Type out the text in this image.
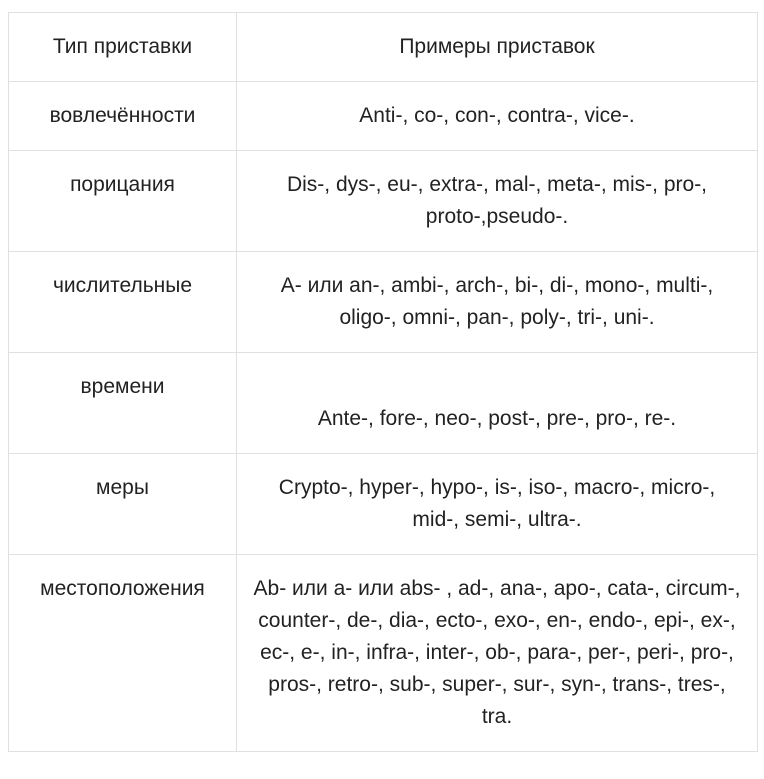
Тип приставки	Примеры приставок
вовлечённости	Anti-, co-, con-, contra-, vice-.
порицания	Dis-, dys-, eu-, extra-, mal-, meta-, mis-, pro-, proto-,pseudo-.
числительные	A- или an-, ambi-, arch-, bi-, di-, mono-, multi-, oligo-, omni-, pan-, poly-, tri-, uni-.
времени	Ante-, fore-, neo-, post-, pre-, pro-, re-.
меры	Crypto-, hyper-, hypo-, is-, iso-, macro-, micro-, mid-, semi-, ultra-.
местоположения	Ab- или a- или abs- , ad-, ana-, apo-, cata-, circum-, counter-, de-, dia-, ecto-, exo-, en-, endo-, epi-, ex-, ec-, e-, in-, infra-, inter-, ob-, para-, per-, peri-, pro-, pros-, retro-, sub-, super-, sur-, syn-, trans-, tres-, tra.
